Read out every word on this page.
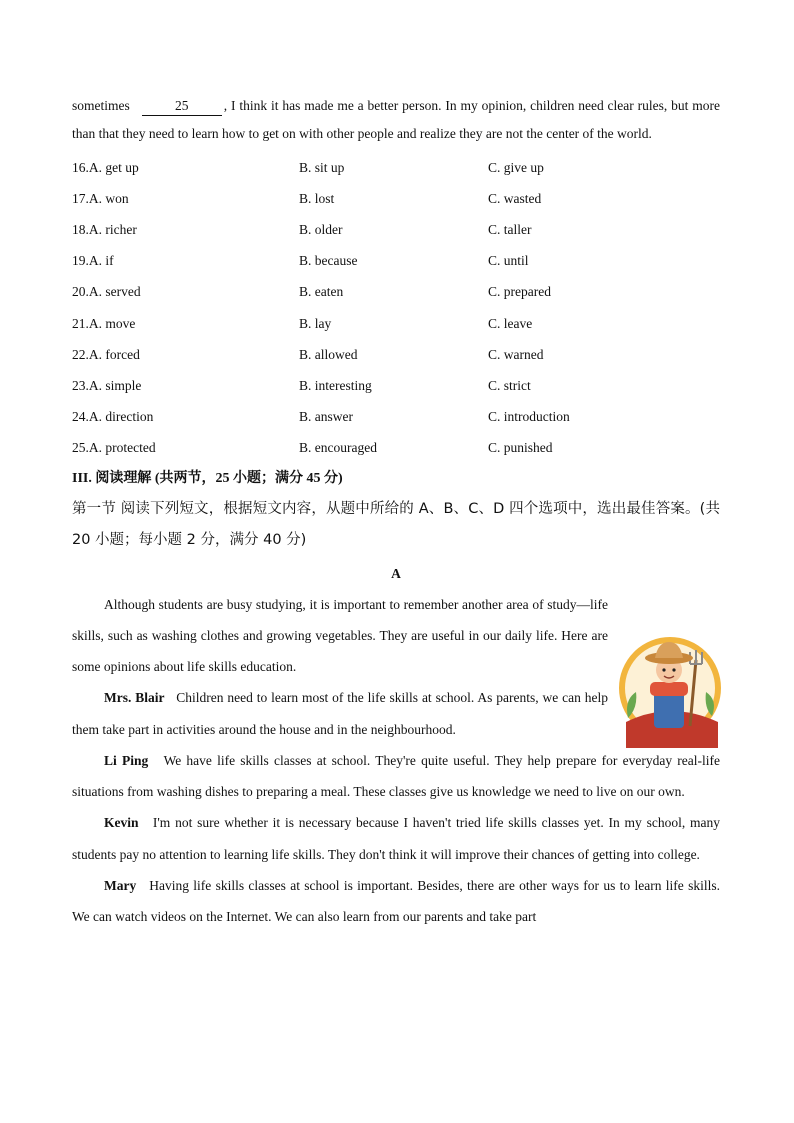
sometimes	25	, I think it has made me a better person. In my opinion, children need clear rules, but more than that they need to learn how to get on with other people and realize they are not the center of the world.

16.A. get up	B. sit up	C. give up
17.A. won	B. lost	C. wasted
18.A. richer	B. older	C. taller
19.A. if	B. because	C. until
20.A. served	B. eaten	C. prepared
21.A. move	B. lay	C. leave
22.A. forced	B. allowed	C. warned
23.A. simple	B. interesting	C. strict
24.A. direction	B. answer	C. introduction
25.A. protected	B. encouraged	C. punished
III. 阅读理解 (共两节，25 小题；满分 45 分)

第一节 阅读下列短文，根据短文内容，从题中所给的 A、B、C、D 四个选项中，选出最佳答案。(共 20 小题；每小题 2 分，满分 40 分)

A

Although students are busy studying, it is important to remember another area of study—life skills, such as washing clothes and growing vegetables. They are useful in our daily life. Here are some opinions about life skills education.

Mrs. Blair Children need to learn most of the life skills at school. As parents, we can help them take part in activities around the house and in the neighbourhood.

Li Ping We have life skills classes at school. They're quite useful. They help prepare for everyday real-life situations from washing dishes to preparing a meal. These classes give us knowledge we need to live on our own.

Kevin I'm not sure whether it is necessary because I haven't tried life skills classes yet. In my school, many students pay no attention to learning life skills. They don't think it will improve their chances of getting into college.

Mary Having life skills classes at school is important. Besides, there are other ways for us to learn life skills. We can watch videos on the Internet. We can also learn from our parents and take part
